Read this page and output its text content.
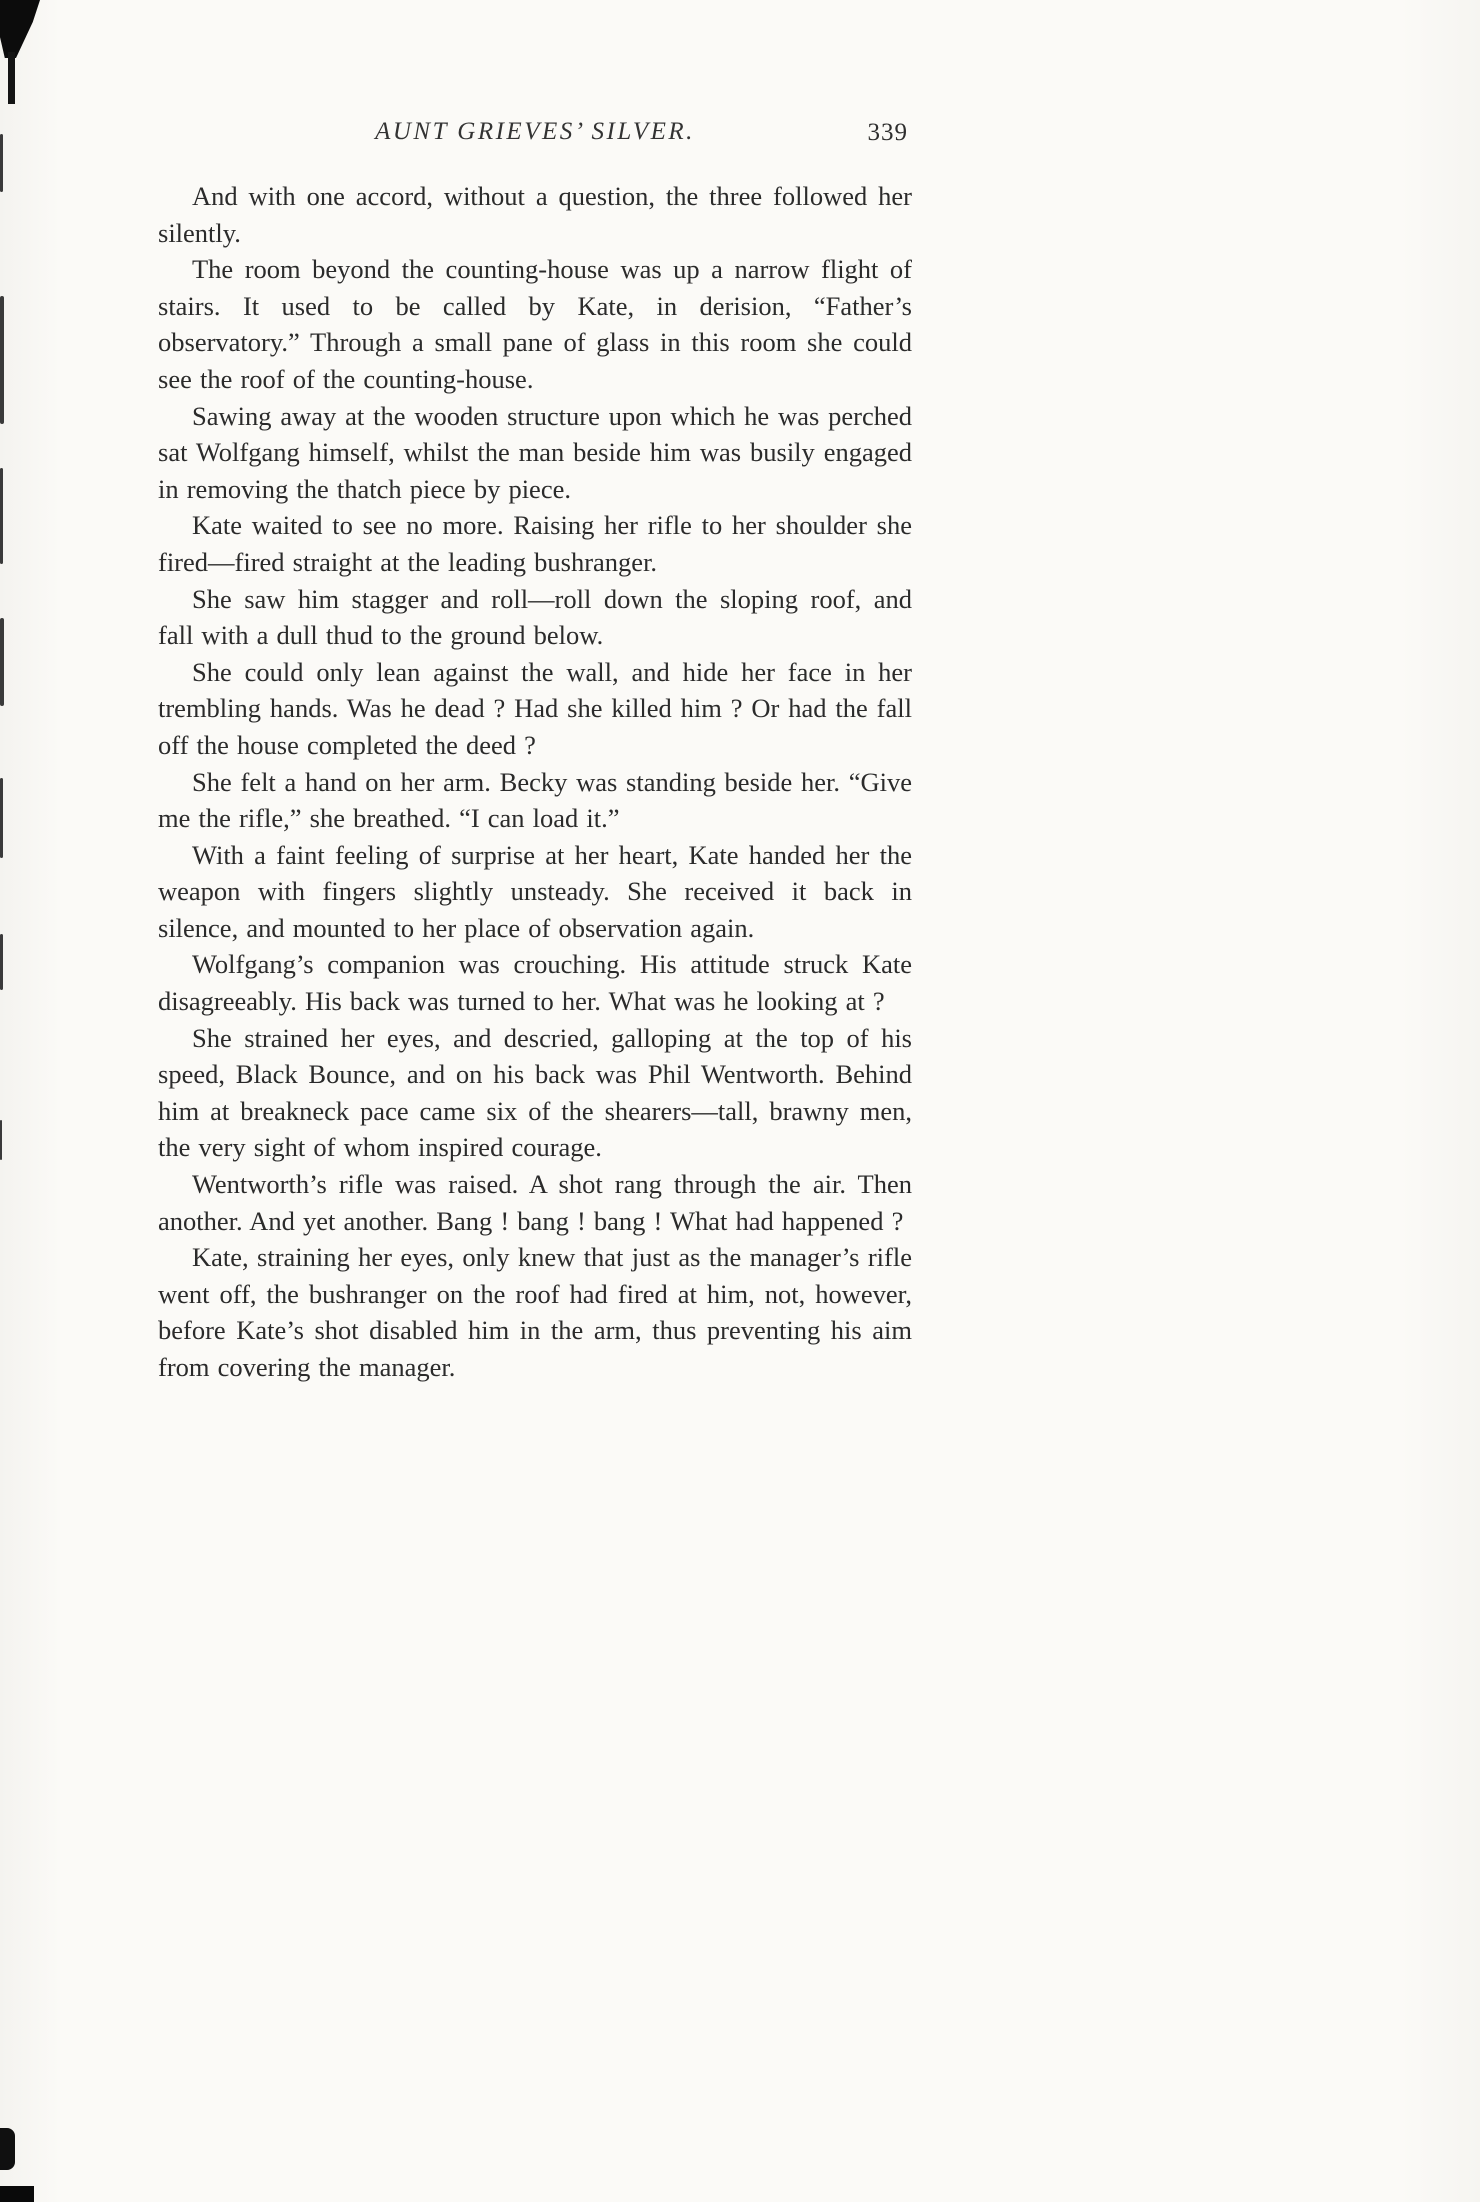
AUNT GRIEVES’ SILVER.	339

And with one accord, without a question, the three followed her silently.

The room beyond the counting-house was up a narrow flight of stairs. It used to be called by Kate, in derision, “Father’s observatory.” Through a small pane of glass in this room she could see the roof of the counting-house.

Sawing away at the wooden structure upon which he was perched sat Wolfgang himself, whilst the man beside him was busily engaged in removing the thatch piece by piece.

Kate waited to see no more. Raising her rifle to her shoulder she fired—fired straight at the leading bushranger.

She saw him stagger and roll—roll down the sloping roof, and fall with a dull thud to the ground below.

She could only lean against the wall, and hide her face in her trembling hands. Was he dead ? Had she killed him ? Or had the fall off the house completed the deed ?

She felt a hand on her arm. Becky was standing beside her. “Give me the rifle,” she breathed. “I can load it.”

With a faint feeling of surprise at her heart, Kate handed her the weapon with fingers slightly unsteady. She received it back in silence, and mounted to her place of observation again.

Wolfgang’s companion was crouching. His attitude struck Kate disagreeably. His back was turned to her. What was he looking at ?

She strained her eyes, and descried, galloping at the top of his speed, Black Bounce, and on his back was Phil Wentworth. Behind him at breakneck pace came six of the shearers—tall, brawny men, the very sight of whom inspired courage.

Wentworth’s rifle was raised. A shot rang through the air. Then another. And yet another. Bang ! bang ! bang ! What had happened ?

Kate, straining her eyes, only knew that just as the manager’s rifle went off, the bushranger on the roof had fired at him, not, however, before Kate’s shot disabled him in the arm, thus preventing his aim from covering the manager.
